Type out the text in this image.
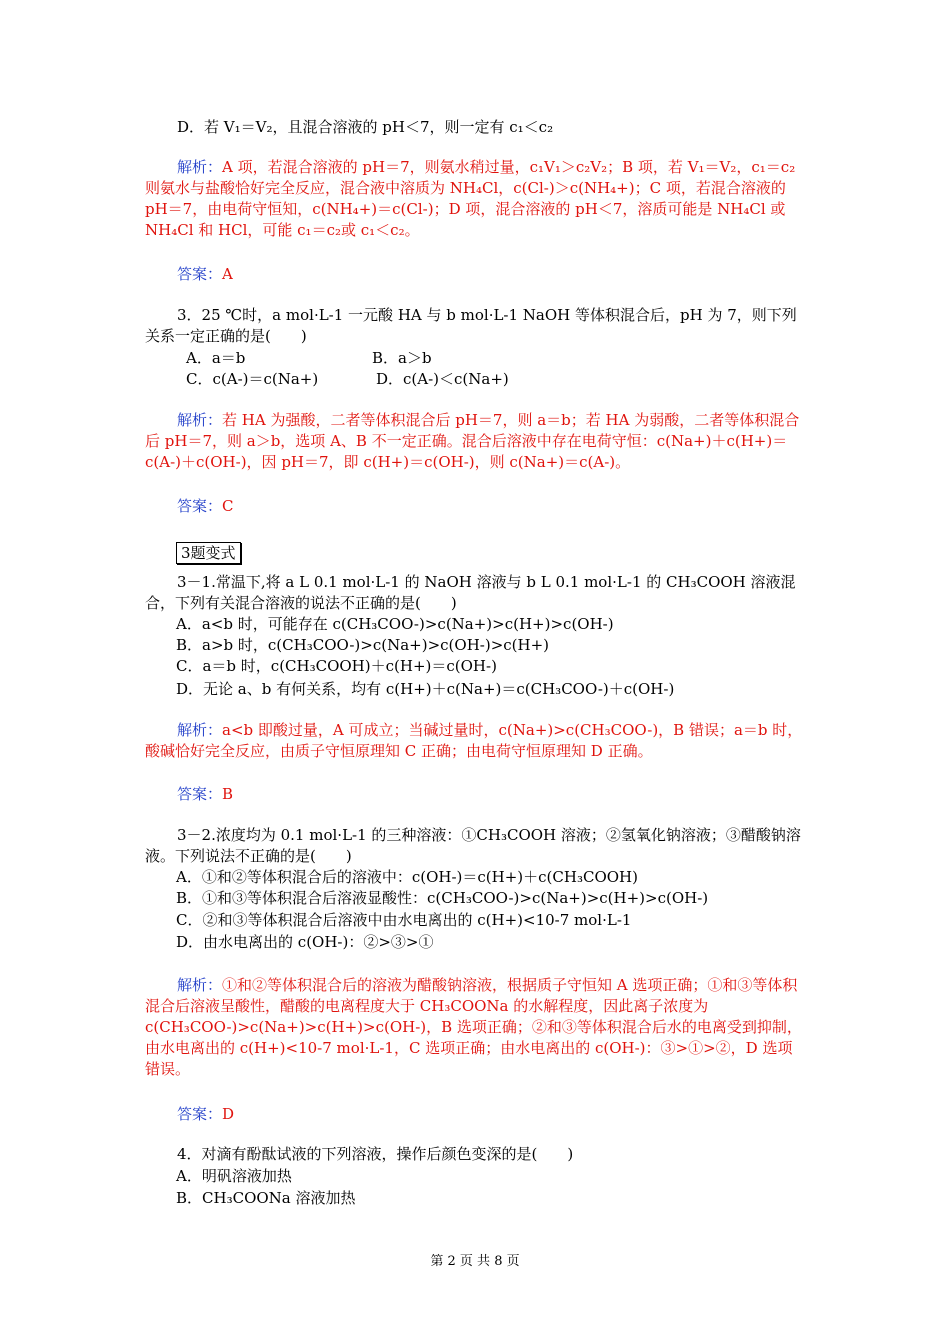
D．若 V₁＝V₂，且混合溶液的 pH＜7，则一定有 c₁＜c₂
解析：A 项，若混合溶液的 pH＝7，则氨水稍过量，c₁V₁＞c₂V₂；B 项，若 V₁＝V₂，c₁＝c₂则氨水与盐酸恰好完全反应，混合液中溶质为 NH₄Cl，c(Cl-)＞c(NH₄+)；C 项，若混合溶液的 pH＝7，由电荷守恒知，c(NH₄+)＝c(Cl-)；D 项，混合溶液的 pH＜7，溶质可能是 NH₄Cl 或 NH₄Cl 和 HCl，可能 c₁＝c₂或 c₁＜c₂。
答案：A
3．25 ℃时，a mol·L-1 一元酸 HA 与 b mol·L-1 NaOH 等体积混合后，pH 为 7，则下列关系一定正确的是(　　)
A．a＝b	B．a＞b
C．c(A-)＝c(Na+)	D．c(A-)＜c(Na+)
解析：若 HA 为强酸，二者等体积混合后 pH＝7，则 a＝b；若 HA 为弱酸，二者等体积混合后 pH＝7，则 a＞b，选项 A、B 不一定正确。混合后溶液中存在电荷守恒：c(Na+)＋c(H+)＝c(A-)＋c(OH-)，因 pH＝7，即 c(H+)＝c(OH-)，则 c(Na+)＝c(A-)。
答案：C
3题变式
3－1.常温下,将 a L 0.1 mol·L-1 的 NaOH 溶液与 b L 0.1 mol·L-1 的 CH₃COOH 溶液混合，下列有关混合溶液的说法不正确的是(　　)
A．a<b 时，可能存在 c(CH₃COO-)>c(Na+)>c(H+)>c(OH-)
B．a>b 时，c(CH₃COO-)>c(Na+)>c(OH-)>c(H+)
C．a＝b 时，c(CH₃COOH)＋c(H+)＝c(OH-)
D．无论 a、b 有何关系，均有 c(H+)＋c(Na+)＝c(CH₃COO-)＋c(OH-)
解析：a<b 即酸过量，A 可成立；当碱过量时，c(Na+)>c(CH₃COO-)，B 错误；a＝b 时，酸碱恰好完全反应，由质子守恒原理知 C 正确；由电荷守恒原理知 D 正确。
答案：B
3－2.浓度均为 0.1 mol·L-1 的三种溶液：①CH₃COOH 溶液；②氢氧化钠溶液；③醋酸钠溶液。下列说法不正确的是(　　)
A．①和②等体积混合后的溶液中：c(OH-)＝c(H+)＋c(CH₃COOH)
B．①和③等体积混合后溶液显酸性：c(CH₃COO-)>c(Na+)>c(H+)>c(OH-)
C．②和③等体积混合后溶液中由水电离出的 c(H+)<10-7 mol·L-1
D．由水电离出的 c(OH-)：②>③>①
解析：①和②等体积混合后的溶液为醋酸钠溶液，根据质子守恒知 A 选项正确；①和③等体积混合后溶液呈酸性，醋酸的电离程度大于 CH₃COONa 的水解程度，因此离子浓度为 c(CH₃COO-)>c(Na+)>c(H+)>c(OH-)，B 选项正确；②和③等体积混合后水的电离受到抑制，由水电离出的 c(H+)<10-7 mol·L-1，C 选项正确；由水电离出的 c(OH-)：③>①>②，D 选项错误。
答案：D
4．对滴有酚酞试液的下列溶液，操作后颜色变深的是(　　)
A．明矾溶液加热
B．CH₃COONa 溶液加热
第 2 页 共 8 页
